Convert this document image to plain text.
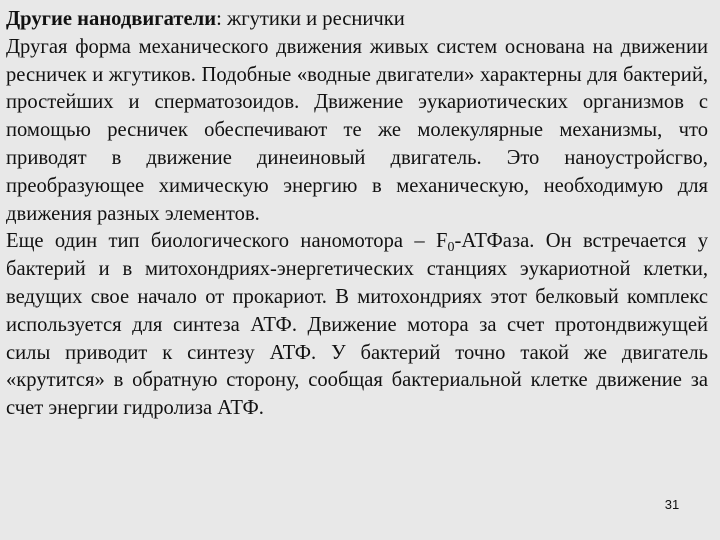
Другие нанодвигатели: жгутики и реснички

Другая форма механического движения живых систем основана на движении ресничек и жгутиков. Подобные «водные двигатели» характерны для бактерий, простейших и сперматозоидов. Движение эукариотических организмов с помощью ресничек обеспечивают те же молекулярные механизмы, что приводят в движение динеиновый двигатель. Это наноустройсгво, преобразующее химическую энергию в механическую, необходимую для движения разных элементов.

Еще один тип биологического наномотора – $F_0$-АТФаза. Он встречается у бактерий и в митохондриях-энергетических станциях эукариотной клетки, ведущих свое начало от прокариот. В митохондриях этот белковый комплекс используется для синтеза АТФ. Движение мотора за счет протондвижущей силы приводит к синтезу АТФ. У бактерий точно такой же двигатель «крутится» в обратную сторону, сообщая бактериальной клетке движение за счет энергии гидролиза АТФ.

31
